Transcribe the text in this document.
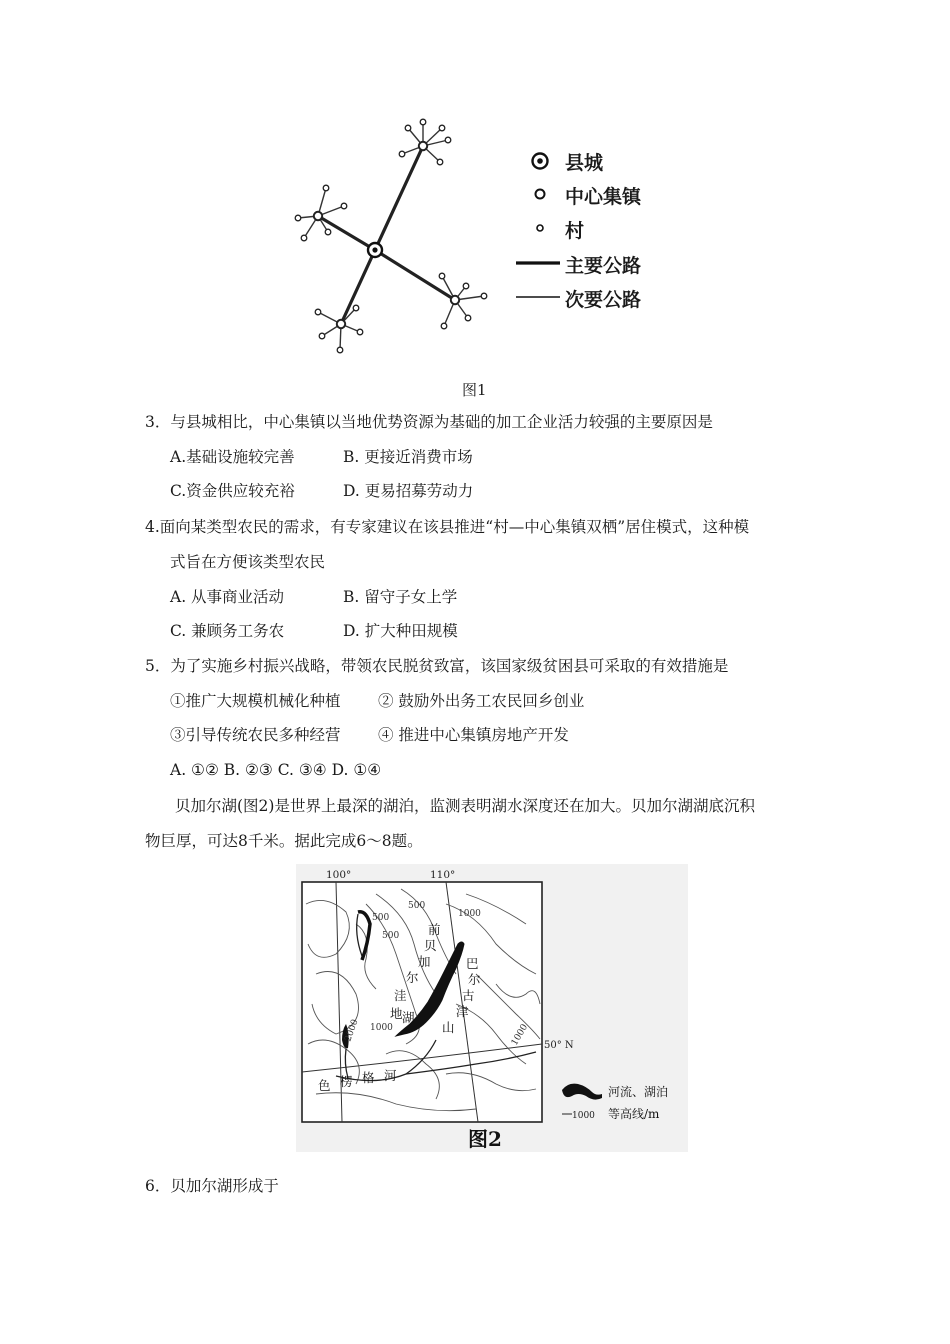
县城
中心集镇
村
主要公路
次要公路
图1
3．与县城相比，中心集镇以当地优势资源为基础的加工企业活力较强的主要原因是
A.基础设施较完善	B. 更接近消费市场
C.资金供应较充裕	D. 更易招募劳动力
4.面向某类型农民的需求，有专家建议在该县推进“村—中心集镇双栖”居住模式，这种模
式旨在方便该类型农民
A. 从事商业活动	B. 留守子女上学
C. 兼顾务工务农	D. 扩大种田规模
5．为了实施乡村振兴战略，带领农民脱贫致富，该国家级贫困县可采取的有效措施是
①推广大规模机械化种植 ② 鼓励外出务工农民回乡创业
③引导传统农民多种经营 ④ 推进中心集镇房地产开发
A. ①② B. ②③ C. ③④ D. ①④
贝加尔湖(图2)是世界上最深的湖泊，监测表明湖水深度还在加大。贝加尔湖湖底沉积
物巨厚，可达8千米。据此完成6～8题。
100°	110°
50° N
500
500
500
1000
1000
2000	1000
前
贝
加
尔
洼
地 湖
巴
尔
古
津
山
色 楞 格 河
河流、湖泊
1000 等高线/m
图2
6．贝加尔湖形成于
